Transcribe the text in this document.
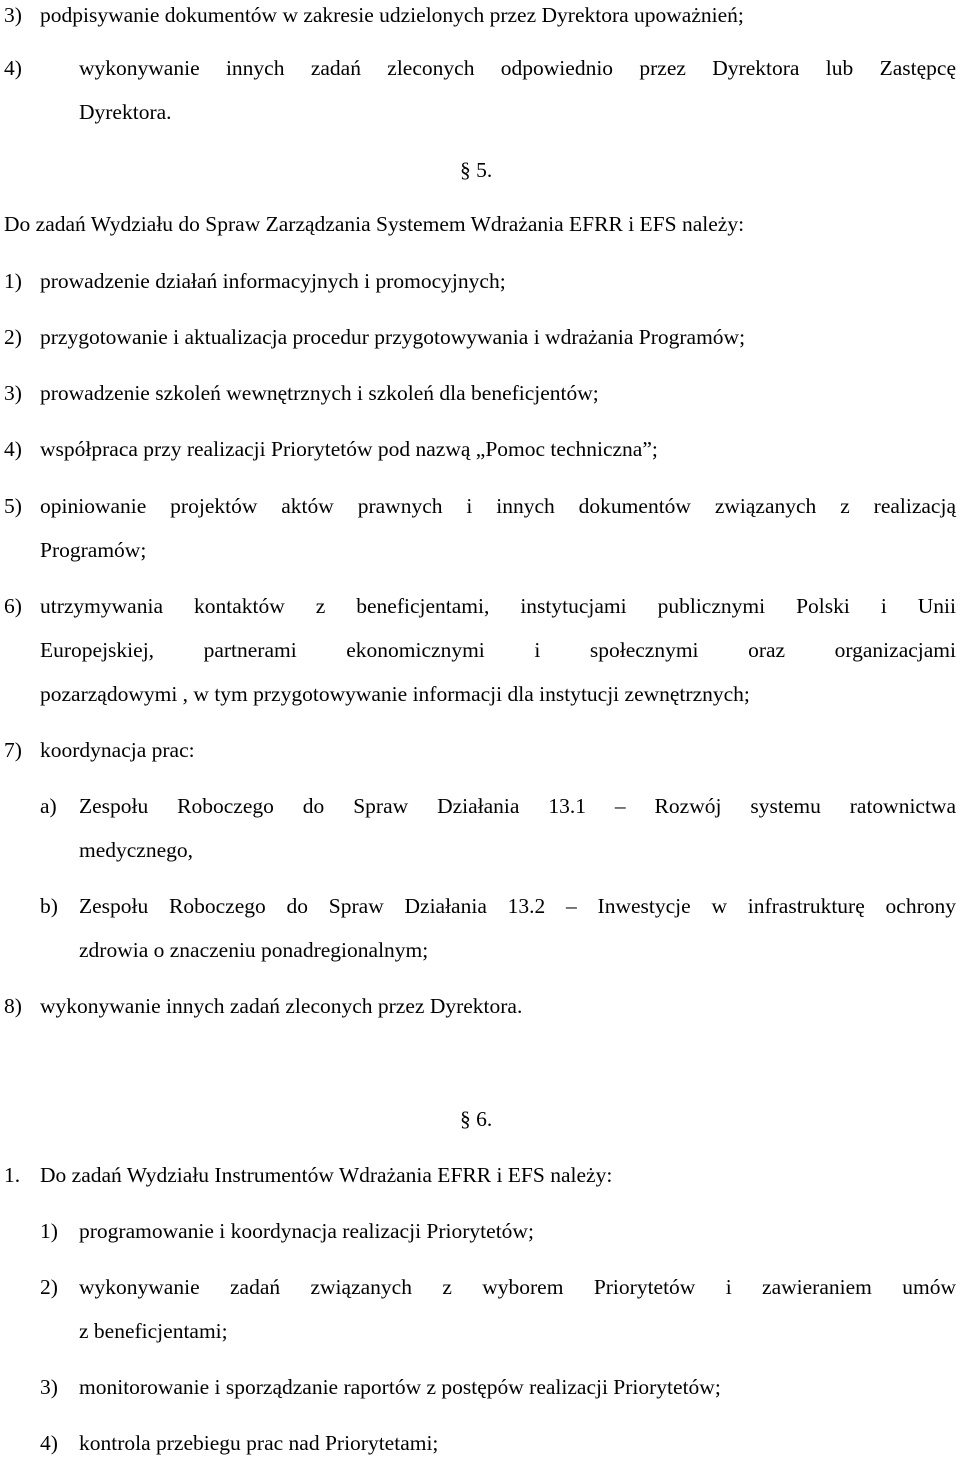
3) podpisywanie dokumentów w zakresie udzielonych przez Dyrektora upoważnień;
4)	wykonywanie innych zadań zleconych odpowiednio przez Dyrektora lub Zastępcę
Dyrektora.
§ 5.
Do zadań Wydziału do Spraw Zarządzania Systemem Wdrażania EFRR i EFS należy:
1) prowadzenie działań informacyjnych i promocyjnych;
2) przygotowanie i aktualizacja procedur przygotowywania i wdrażania Programów;
3) prowadzenie szkoleń wewnętrznych i szkoleń dla beneficjentów;
4) współpraca przy realizacji Priorytetów pod nazwą „Pomoc techniczna”;
5) opiniowanie projektów aktów prawnych i innych dokumentów związanych z realizacją
Programów;
6) utrzymywania kontaktów z beneficjentami, instytucjami publicznymi Polski i Unii
Europejskiej, partnerami ekonomicznymi i społecznymi oraz organizacjami
pozarządowymi , w tym przygotowywanie informacji dla instytucji zewnętrznych;
7) koordynacja prac:
a) Zespołu Roboczego do Spraw Działania 13.1 – Rozwój systemu ratownictwa
medycznego,
b) Zespołu Roboczego do Spraw Działania 13.2 – Inwestycje w infrastrukturę ochrony
zdrowia o znaczeniu ponadregionalnym;
8) wykonywanie innych zadań zleconych przez Dyrektora.
§ 6.
1. Do zadań Wydziału Instrumentów Wdrażania EFRR i EFS należy:
1) programowanie i koordynacja realizacji Priorytetów;
2) wykonywanie zadań związanych z wyborem Priorytetów i zawieraniem umów
z beneficjentami;
3) monitorowanie i sporządzanie raportów z postępów realizacji Priorytetów;
4) kontrola przebiegu prac nad Priorytetami;
